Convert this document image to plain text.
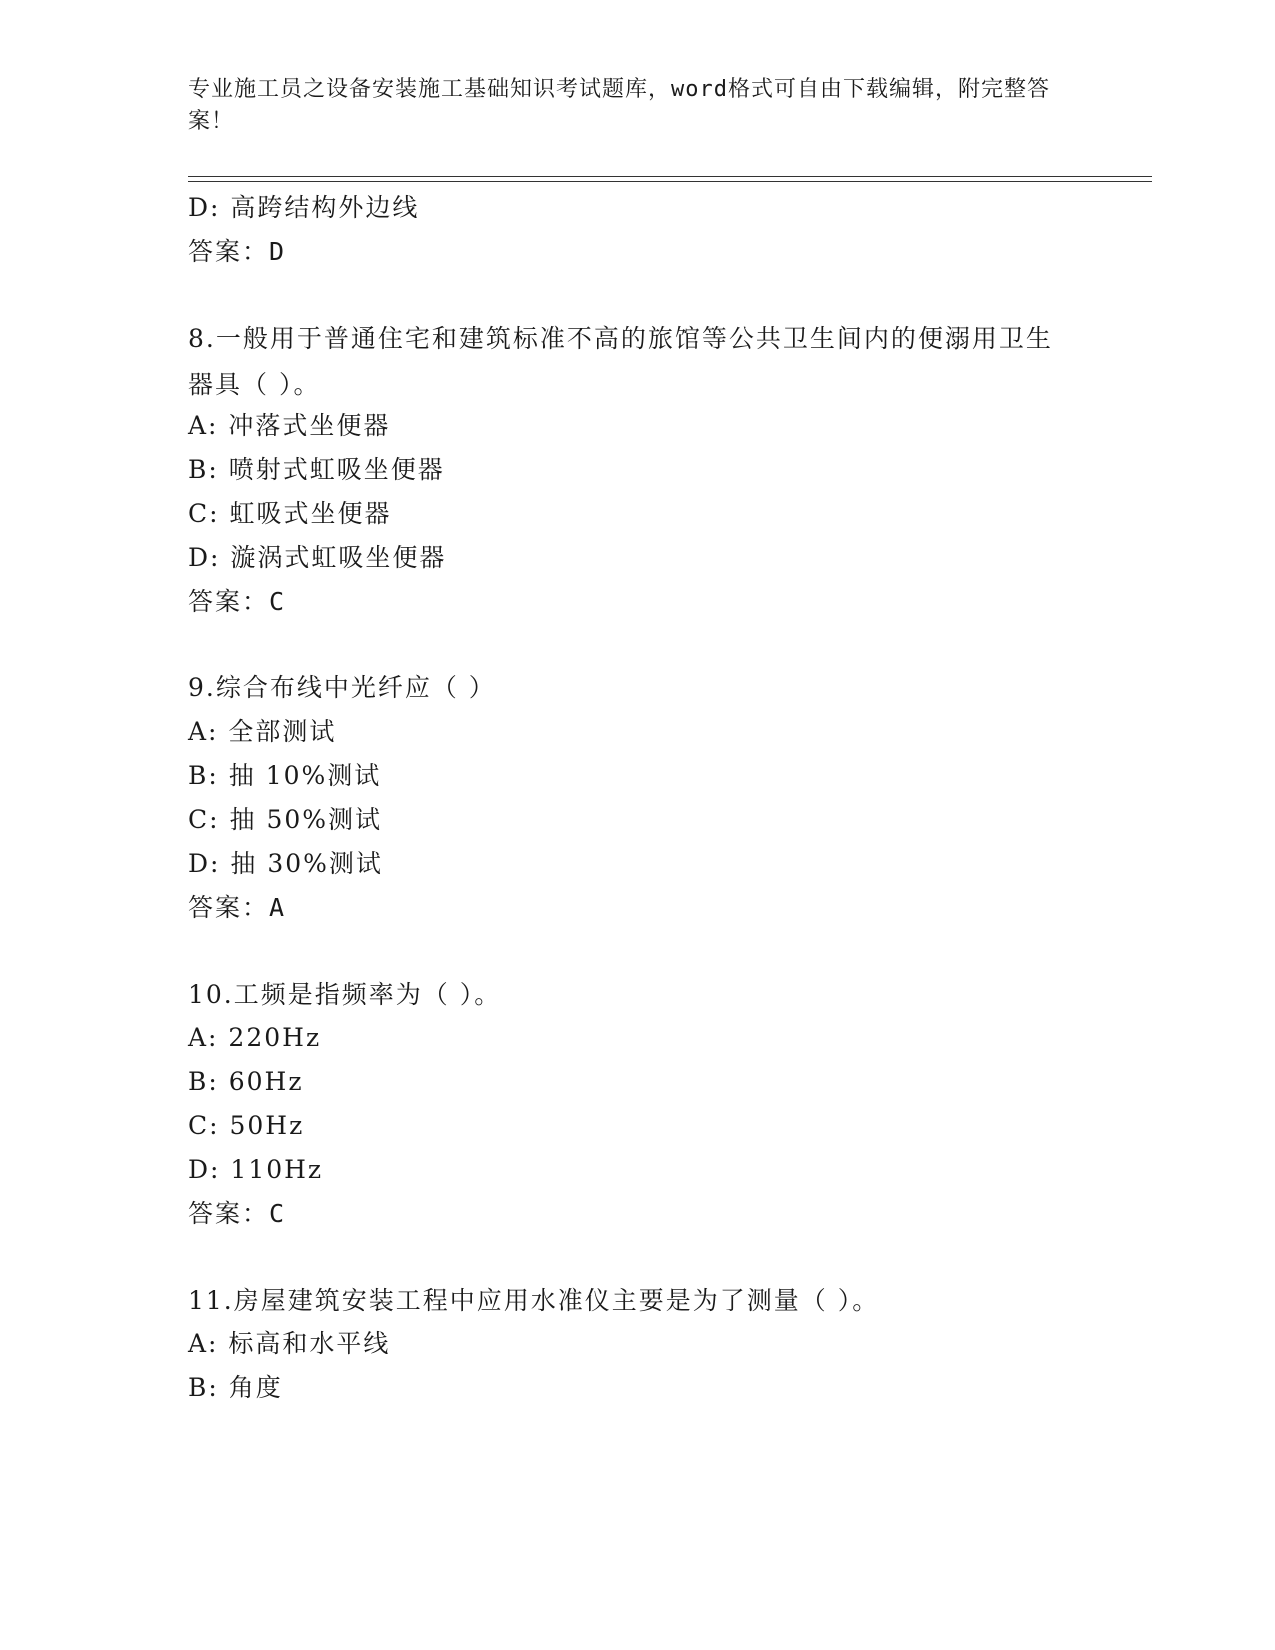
专业施工员之设备安装施工基础知识考试题库，word格式可自由下载编辑，附完整答案！
D: 高跨结构外边线
答案：D
8.一般用于普通住宅和建筑标准不高的旅馆等公共卫生间内的便溺用卫生器具（ ）。
A: 冲落式坐便器
B: 喷射式虹吸坐便器
C: 虹吸式坐便器
D: 漩涡式虹吸坐便器
答案：C
9.综合布线中光纤应（ ）
A: 全部测试
B: 抽 10%测试
C: 抽 50%测试
D: 抽 30%测试
答案：A
10.工频是指频率为（ ）。
A: 220Hz
B: 60Hz
C: 50Hz
D: 110Hz
答案：C
11.房屋建筑安装工程中应用水准仪主要是为了测量（ ）。
A: 标高和水平线
B: 角度
